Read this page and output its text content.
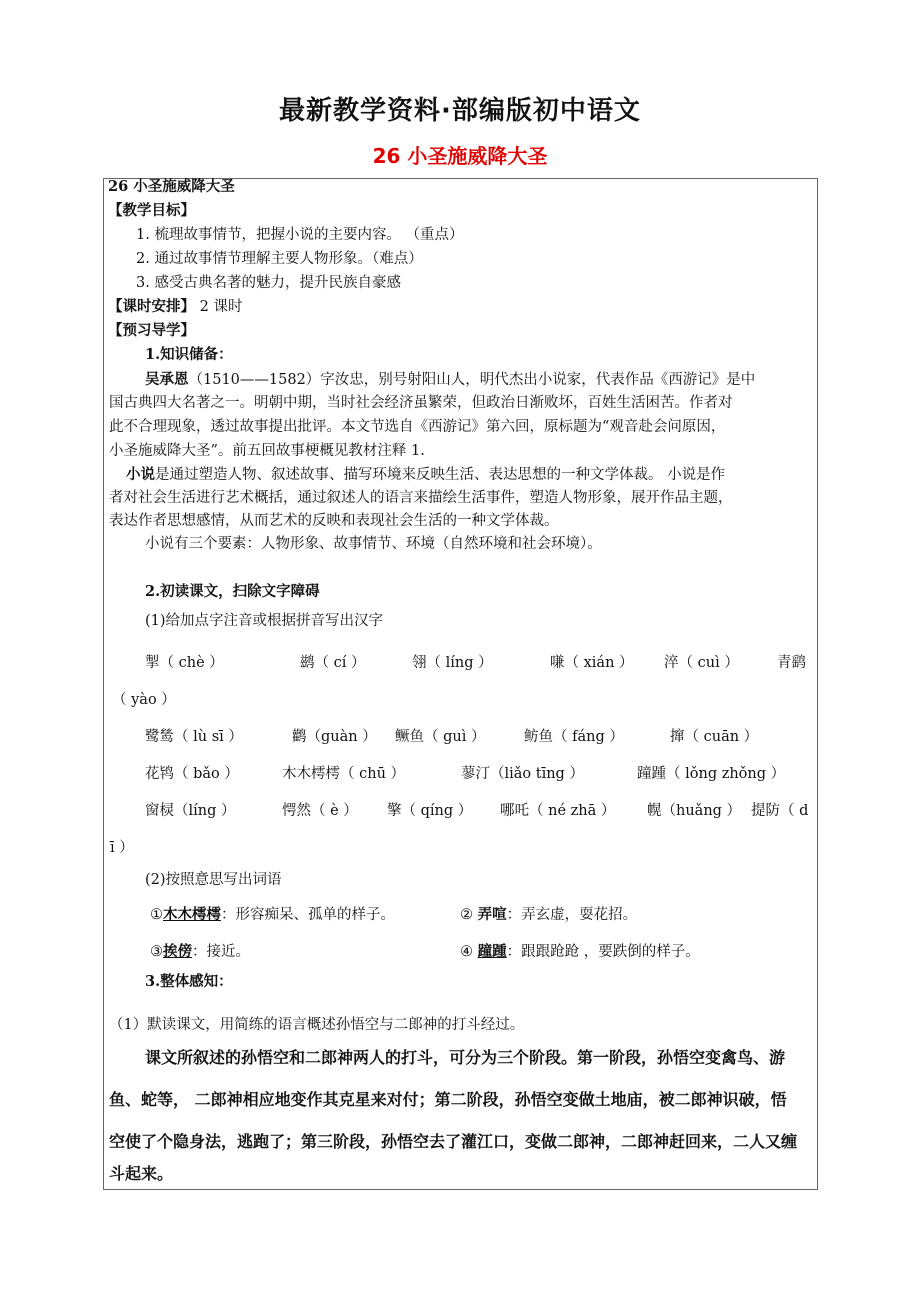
最新教学资料·部编版初中语文
26 小圣施威降大圣
26 小圣施威降大圣
【教学目标】
1. 梳理故事情节，把握小说的主要内容。 （重点）
2. 通过故事情节理解主要人物形象。（难点）
3. 感受古典名著的魅力，提升民族自豪感
【课时安排】 2 课时
【预习导学】
1.知识储备：
吴承恩（1510——1582）字汝忠，别号射阳山人，明代杰出小说家，代表作品《西游记》是中
国古典四大名著之一。明朝中期，当时社会经济虽繁荣，但政治日渐败坏，百姓生活困苦。作者对
此不合理现象，透过故事提出批评。本文节选自《西游记》第六回，原标题为“观音赴会问原因，
小圣施威降大圣”。前五回故事梗概见教材注释 1.
小说是通过塑造人物、叙述故事、描写环境来反映生活、表达思想的一种文学体裁。 小说是作
者对社会生活进行艺术概括，通过叙述人的语言来描绘生活事件，塑造人物形象，展开作品主题，
表达作者思想感情，从而艺术的反映和表现社会生活的一种文学体裁。
小说有三个要素：人物形象、故事情节、环境（自然环境和社会环境）。
2.初读课文，扫除文字障碍
(1)给加点字注音或根据拼音写出汉字
掣（ chè ）	鹚（ cí ）	翎（ líng ）	嗛（ xián ） 淬（ cuì ）	青鹞
（ yào ）
鹭鸶（ lù sī ）	鹳（guàn ） 鳜鱼（ guì ）	鲂鱼（ fáng ）	撺（ cuān ）
花鸨（ bǎo ）	木木樗樗（ chū ）	蓼汀（liǎo tīng ）	蹱踵（ lǒng zhǒng ）
窗棂（líng ）	愕然（ è ） 擎（ qíng ） 哪吒（ né zhā ） 幌（huǎng ） 提防（ d
ī ）
(2)按照意思写出词语
①木木樗樗：形容痴呆、孤单的样子。	② 弄喧：弄玄虚，耍花招。
③挨傍：接近。	④ 蹱踵：跟跟跄跄 ，要跌倒的样子。
3.整体感知：
（1）默读课文，用简练的语言概述孙悟空与二郎神的打斗经过。
课文所叙述的孙悟空和二郎神两人的打斗，可分为三个阶段。第一阶段，孙悟空变禽鸟、游
鱼、蛇等， 二郎神相应地变作其克星来对付；第二阶段，孙悟空变做土地庙，被二郎神识破，悟
空使了个隐身法，逃跑了；第三阶段，孙悟空去了灌江口，变做二郎神，二郎神赶回来，二人又缠
斗起来。
